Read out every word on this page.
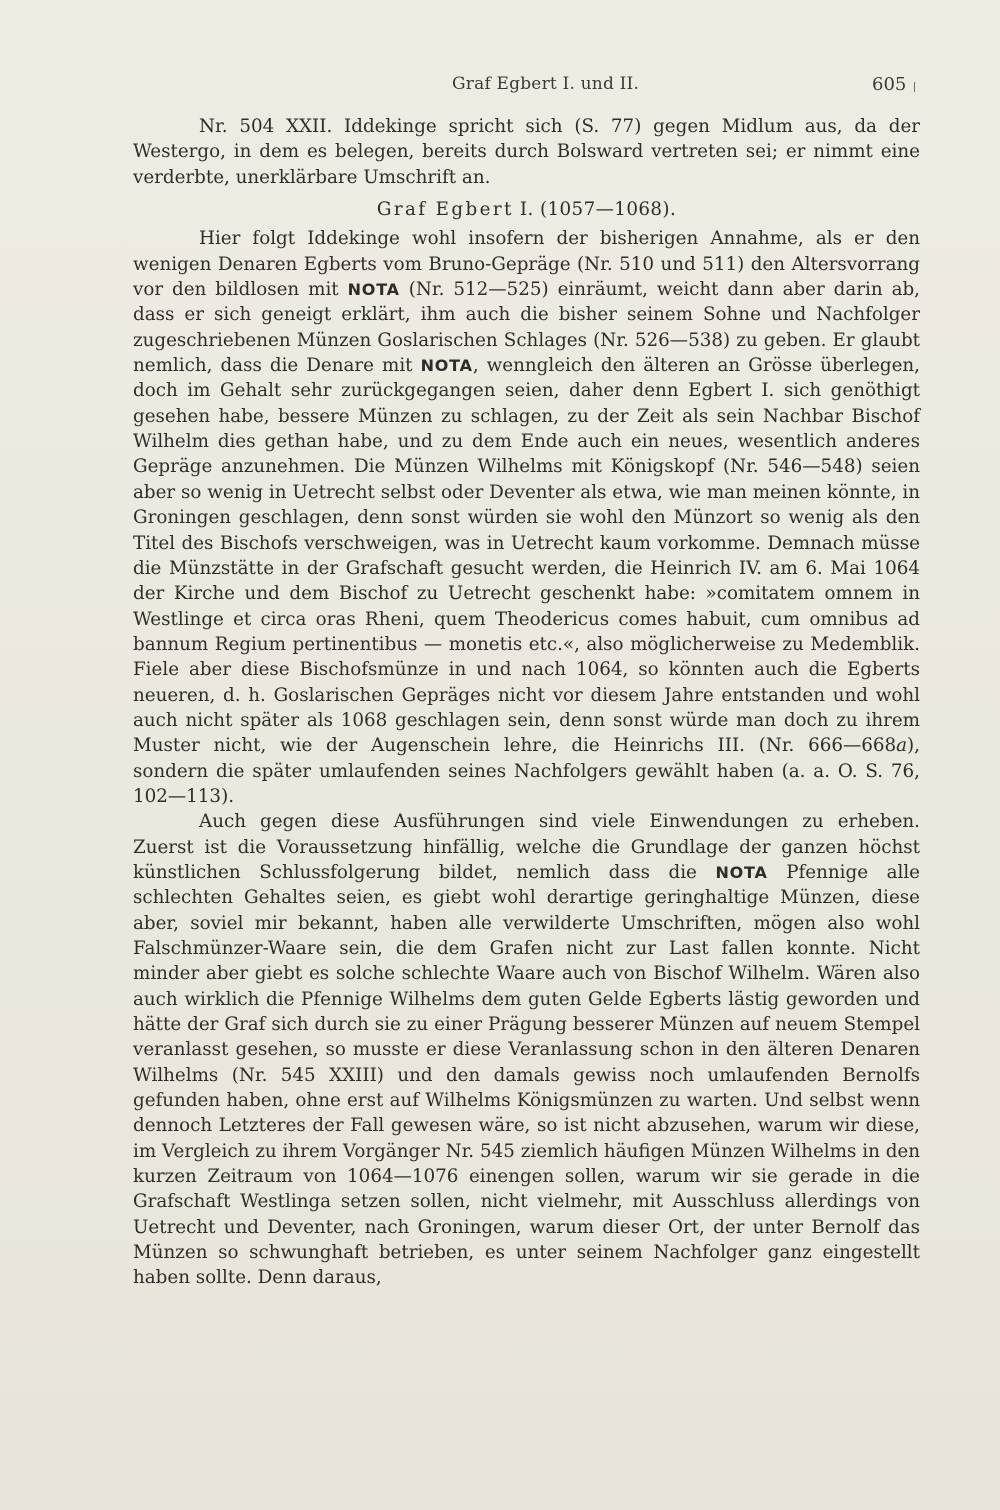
Graf Egbert I. und II.	605

Nr. 504 XXII. Iddekinge spricht sich (S. 77) gegen Midlum aus, da der Westergo, in dem es belegen, bereits durch Bolsward vertreten sei; er nimmt eine verderbte, unerklärbare Umschrift an.

Graf Egbert I. (1057—1068).

Hier folgt Iddekinge wohl insofern der bisherigen Annahme, als er den wenigen Denaren Egberts vom Bruno-Gepräge (Nr. 510 und 511) den Altersvorrang vor den bildlosen mit NOTA (Nr. 512—525) einräumt, weicht dann aber darin ab, dass er sich geneigt erklärt, ihm auch die bisher seinem Sohne und Nachfolger zugeschriebenen Münzen Goslarischen Schlages (Nr. 526—538) zu geben. Er glaubt nemlich, dass die Denare mit NOTA, wenngleich den älteren an Grösse überlegen, doch im Gehalt sehr zurückgegangen seien, daher denn Egbert I. sich genöthigt gesehen habe, bessere Münzen zu schlagen, zu der Zeit als sein Nachbar Bischof Wilhelm dies gethan habe, und zu dem Ende auch ein neues, wesentlich anderes Gepräge anzunehmen. Die Münzen Wilhelms mit Königskopf (Nr. 546—548) seien aber so wenig in Uetrecht selbst oder Deventer als etwa, wie man meinen könnte, in Groningen geschlagen, denn sonst würden sie wohl den Münzort so wenig als den Titel des Bischofs verschweigen, was in Uetrecht kaum vorkomme. Demnach müsse die Münzstätte in der Grafschaft gesucht werden, die Heinrich IV. am 6. Mai 1064 der Kirche und dem Bischof zu Uetrecht geschenkt habe: »comitatem omnem in Westlinge et circa oras Rheni, quem Theodericus comes habuit, cum omnibus ad bannum Regium pertinentibus — monetis etc.«, also möglicherweise zu Medemblik. Fiele aber diese Bischofsmünze in und nach 1064, so könnten auch die Egberts neueren, d. h. Goslarischen Gepräges nicht vor diesem Jahre entstanden und wohl auch nicht später als 1068 geschlagen sein, denn sonst würde man doch zu ihrem Muster nicht, wie der Augenschein lehre, die Heinrichs III. (Nr. 666—668a), sondern die später umlaufenden seines Nachfolgers gewählt haben (a. a. O. S. 76, 102—113).

Auch gegen diese Ausführungen sind viele Einwendungen zu erheben. Zuerst ist die Voraussetzung hinfällig, welche die Grundlage der ganzen höchst künstlichen Schlussfolgerung bildet, nemlich dass die NOTA Pfennige alle schlechten Gehaltes seien, es giebt wohl derartige geringhaltige Münzen, diese aber, soviel mir bekannt, haben alle verwilderte Umschriften, mögen also wohl Falschmünzer-Waare sein, die dem Grafen nicht zur Last fallen konnte. Nicht minder aber giebt es solche schlechte Waare auch von Bischof Wilhelm. Wären also auch wirklich die Pfennige Wilhelms dem guten Gelde Egberts lästig geworden und hätte der Graf sich durch sie zu einer Prägung besserer Münzen auf neuem Stempel veranlasst gesehen, so musste er diese Veranlassung schon in den älteren Denaren Wilhelms (Nr. 545 XXIII) und den damals gewiss noch umlaufenden Bernolfs gefunden haben, ohne erst auf Wilhelms Königsmünzen zu warten. Und selbst wenn dennoch Letzteres der Fall gewesen wäre, so ist nicht abzusehen, warum wir diese, im Vergleich zu ihrem Vorgänger Nr. 545 ziemlich häufigen Münzen Wilhelms in den kurzen Zeitraum von 1064—1076 einengen sollen, warum wir sie gerade in die Grafschaft Westlinga setzen sollen, nicht vielmehr, mit Ausschluss allerdings von Uetrecht und Deventer, nach Groningen, warum dieser Ort, der unter Bernolf das Münzen so schwunghaft betrieben, es unter seinem Nachfolger ganz eingestellt haben sollte. Denn daraus,
